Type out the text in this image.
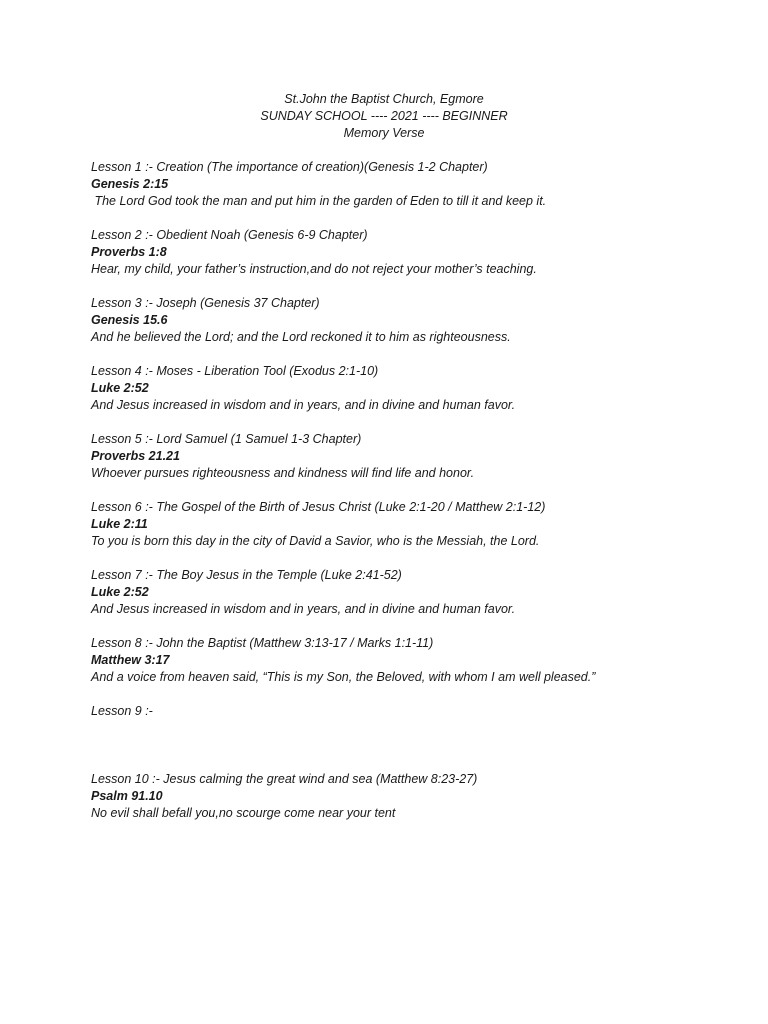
St.John the Baptist Church, Egmore
SUNDAY SCHOOL ---- 2021 ---- BEGINNER
Memory Verse
Lesson 1 :- Creation (The importance of creation)(Genesis 1-2 Chapter)
Genesis 2:15
The Lord God took the man and put him in the garden of Eden to till it and keep it.
Lesson 2 :- Obedient Noah (Genesis 6-9 Chapter)
Proverbs 1:8
Hear, my child, your father’s instruction,and do not reject your mother’s teaching.
Lesson 3 :- Joseph (Genesis 37 Chapter)
Genesis 15.6
And he believed the Lord; and the Lord reckoned it to him as righteousness.
Lesson 4 :- Moses - Liberation Tool (Exodus 2:1-10)
Luke 2:52
And Jesus increased in wisdom and in years, and in divine and human favor.
Lesson 5 :- Lord Samuel (1 Samuel 1-3 Chapter)
Proverbs 21.21
Whoever pursues righteousness and kindness will find life and honor.
Lesson 6 :- The Gospel of the Birth of Jesus Christ (Luke 2:1-20 / Matthew 2:1-12)
Luke 2:11
To you is born this day in the city of David a Savior, who is the Messiah, the Lord.
Lesson 7 :- The Boy Jesus in the Temple (Luke 2:41-52)
Luke 2:52
And Jesus increased in wisdom and in years, and in divine and human favor.
Lesson 8 :- John the Baptist (Matthew 3:13-17 / Marks 1:1-11)
Matthew 3:17
And a voice from heaven said, “This is my Son, the Beloved, with whom I am well pleased.”
Lesson 9 :-
Lesson 10 :- Jesus calming the great wind and sea (Matthew 8:23-27)
Psalm 91.10
No evil shall befall you,no scourge come near your tent
